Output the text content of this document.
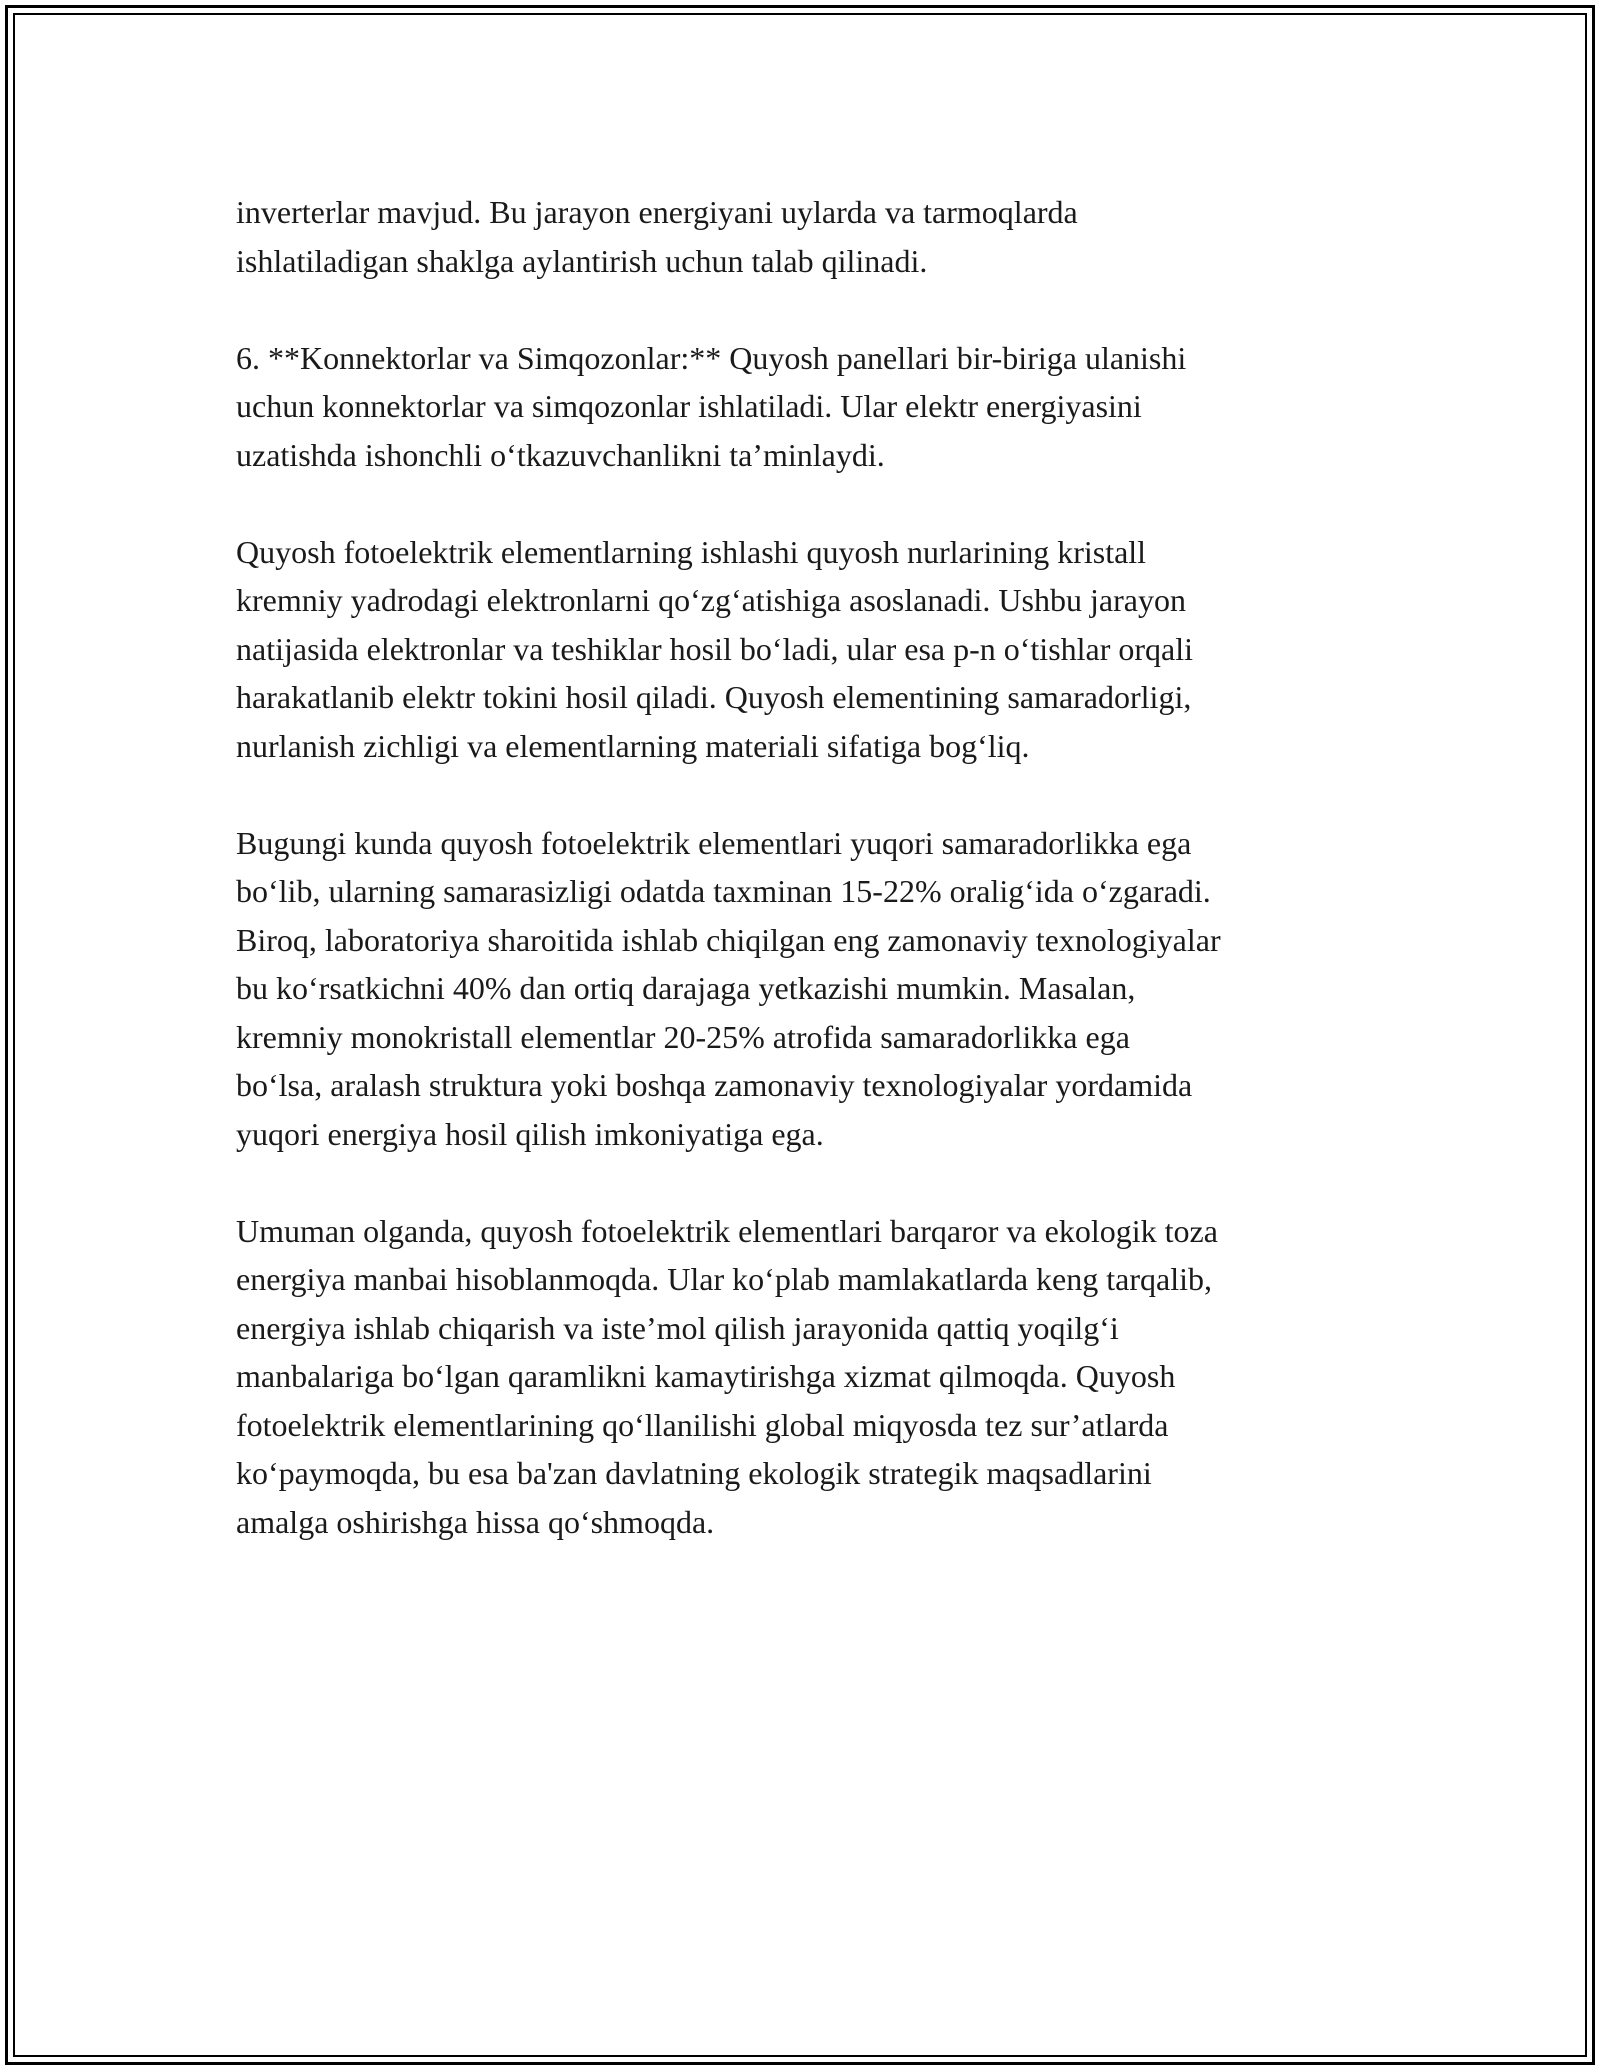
inverterlar mavjud. Bu jarayon energiyani uylarda va tarmoqlarda
ishlatiladigan shaklga aylantirish uchun talab qilinadi.

6. **Konnektorlar va Simqozonlar:** Quyosh panellari bir-biriga ulanishi
uchun konnektorlar va simqozonlar ishlatiladi. Ular elektr energiyasini
uzatishda ishonchli o‘tkazuvchanlikni ta’minlaydi.

Quyosh fotoelektrik elementlarning ishlashi quyosh nurlarining kristall
kremniy yadrodagi elektronlarni qo‘zg‘atishiga asoslanadi. Ushbu jarayon
natijasida elektronlar va teshiklar hosil bo‘ladi, ular esa p-n o‘tishlar orqali
harakatlanib elektr tokini hosil qiladi. Quyosh elementining samaradorligi,
nurlanish zichligi va elementlarning materiali sifatiga bog‘liq.

Bugungi kunda quyosh fotoelektrik elementlari yuqori samaradorlikka ega
bo‘lib, ularning samarasizligi odatda taxminan 15-22% oralig‘ida o‘zgaradi.
Biroq, laboratoriya sharoitida ishlab chiqilgan eng zamonaviy texnologiyalar
bu ko‘rsatkichni 40% dan ortiq darajaga yetkazishi mumkin. Masalan,
kremniy monokristall elementlar 20-25% atrofida samaradorlikka ega
bo‘lsa, aralash struktura yoki boshqa zamonaviy texnologiyalar yordamida
yuqori energiya hosil qilish imkoniyatiga ega.

Umuman olganda, quyosh fotoelektrik elementlari barqaror va ekologik toza
energiya manbai hisoblanmoqda. Ular ko‘plab mamlakatlarda keng tarqalib,
energiya ishlab chiqarish va iste’mol qilish jarayonida qattiq yoqilg‘i
manbalariga bo‘lgan qaramlikni kamaytirishga xizmat qilmoqda. Quyosh
fotoelektrik elementlarining qo‘llanilishi global miqyosda tez sur’atlarda
ko‘paymoqda, bu esa ba'zan davlatning ekologik strategik maqsadlarini
amalga oshirishga hissa qo‘shmoqda.
